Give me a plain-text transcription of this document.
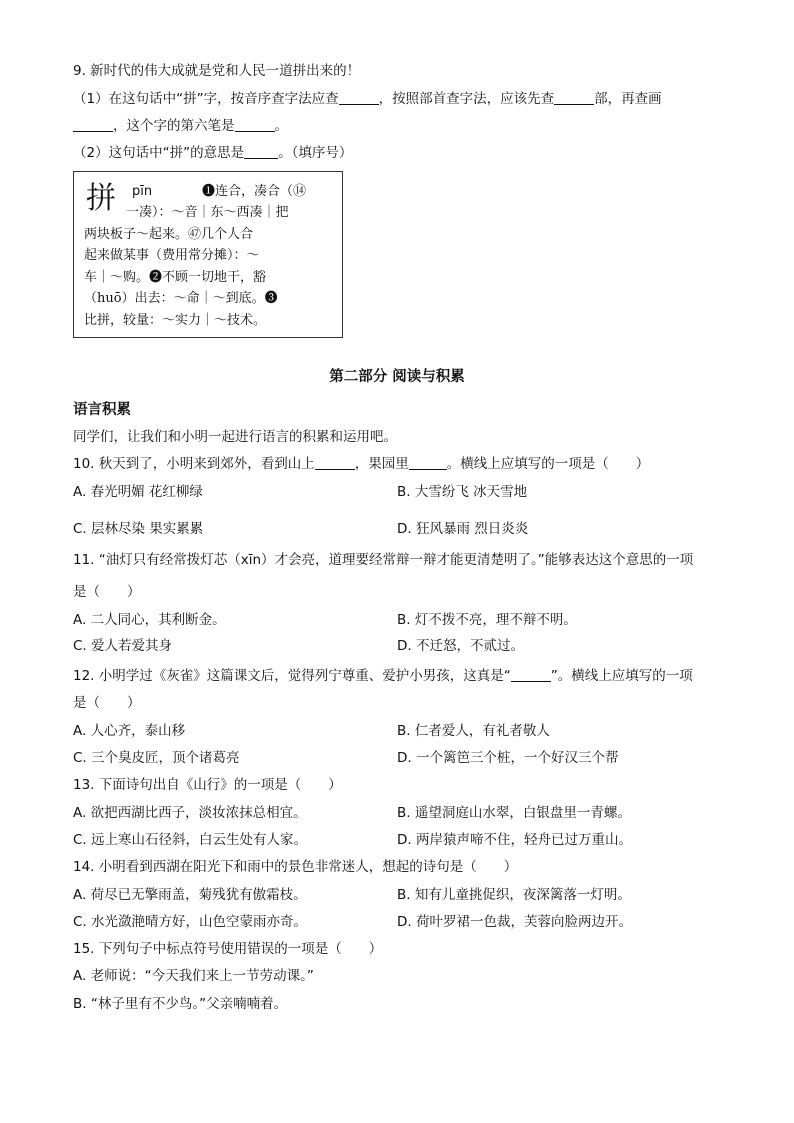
9. 新时代的伟大成就是党和人民一道拼出来的！
（1）在这句话中“拼”字，按音序查字法应查	，按照部首查字法，应该先查	部，再查画
，这个字的第六笔是	。
（2）这句话中“拼”的意思是	。（填序号）
拼 pīn	❶连合，凑合（⑭
一凑）：～音｜东～西凑｜把
两块板子～起来。㊼几个人合
起来做某事（费用常分摊）：～
车｜～购。❷不顾一切地干，豁
（huō）出去：～命｜～到底。❸
比拼，较量：～实力｜～技术。
第二部分 阅读与积累
语言积累
同学们，让我们和小明一起进行语言的积累和运用吧。
10. 秋天到了，小明来到郊外，看到山上	，果园里	。横线上应填写的一项是（　　）
A. 春光明媚 花红柳绿	B. 大雪纷飞 冰天雪地
C. 层林尽染 果实累累	D. 狂风暴雨 烈日炎炎
11. “油灯只有经常拨灯芯（xīn）才会亮，道理要经常辩一辩才能更清楚明了。”能够表达这个意思的一项
是（　　）
A. 二人同心，其利断金。	B. 灯不拨不亮，理不辩不明。
C. 爱人若爱其身	D. 不迁怒，不贰过。
12. 小明学过《灰雀》这篇课文后，觉得列宁尊重、爱护小男孩，这真是“	”。横线上应填写的一项
是（　　）
A. 人心齐，泰山移	B. 仁者爱人，有礼者敬人
C. 三个臭皮匠，顶个诸葛亮	D. 一个篱笆三个桩，一个好汉三个帮
13. 下面诗句出自《山行》的一项是（　　）
A. 欲把西湖比西子，淡妆浓抹总相宜。	B. 遥望洞庭山水翠，白银盘里一青螺。
C. 远上寒山石径斜，白云生处有人家。	D. 两岸猿声啼不住，轻舟已过万重山。
14. 小明看到西湖在阳光下和雨中的景色非常迷人，想起的诗句是（　　）
A. 荷尽已无擎雨盖，菊残犹有傲霜枝。	B. 知有儿童挑促织，夜深篱落一灯明。
C. 水光潋滟晴方好，山色空蒙雨亦奇。	D. 荷叶罗裙一色裁，芙蓉向脸两边开。
15. 下列句子中标点符号使用错误的一项是（　　）
A. 老师说：“今天我们来上一节劳动课。”
B. “林子里有不少鸟。”父亲喃喃着。
